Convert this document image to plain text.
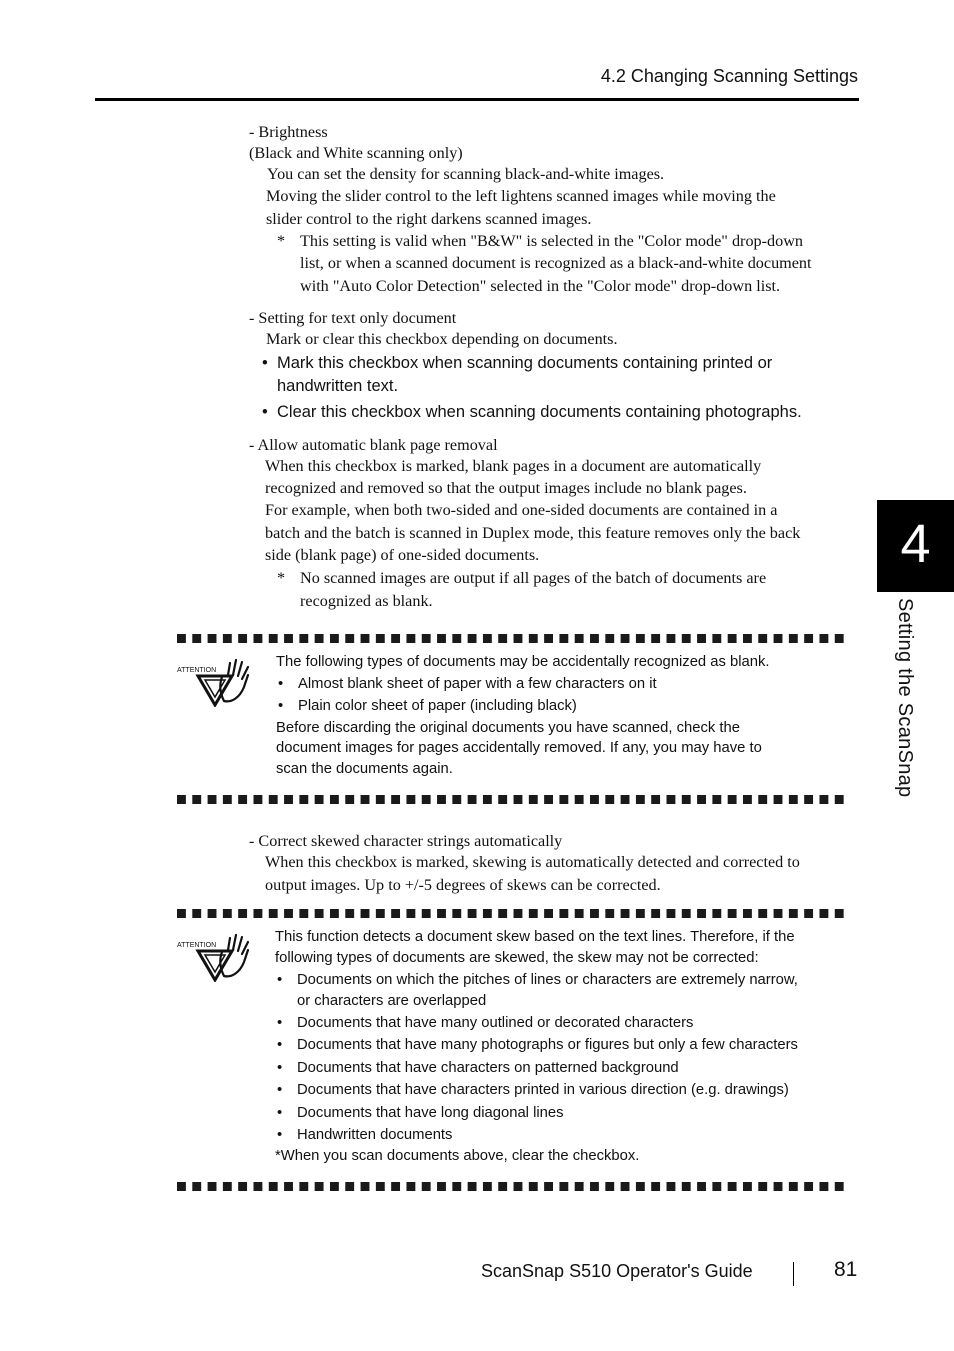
4.2 Changing Scanning Settings
4
Setting the ScanSnap
- Brightness
(Black and White scanning only)
You can set the density for scanning black-and-white images.
Moving the slider control to the left lightens scanned images while moving the
slider control to the right darkens scanned images.
* This setting is valid when "B&W" is selected in the "Color mode" drop-down
list, or when a scanned document is recognized as a black-and-white document
with "Auto Color Detection" selected in the "Color mode" drop-down list.
- Setting for text only document
Mark or clear this checkbox depending on documents.
• Mark this checkbox when scanning documents containing printed or
handwritten text.
• Clear this checkbox when scanning documents containing photographs.
- Allow automatic blank page removal
When this checkbox is marked, blank pages in a document are automatically
recognized and removed so that the output images include no blank pages.
For example, when both two-sided and one-sided documents are contained in a
batch and the batch is scanned in Duplex mode, this feature removes only the back
side (blank page) of one-sided documents.
* No scanned images are output if all pages of the batch of documents are
recognized as blank.
ATTENTION
The following types of documents may be accidentally recognized as blank.
• Almost blank sheet of paper with a few characters on it
• Plain color sheet of paper (including black)
Before discarding the original documents you have scanned, check the
document images for pages accidentally removed. If any, you may have to
scan the documents again.
- Correct skewed character strings automatically
When this checkbox is marked, skewing is automatically detected and corrected to
output images. Up to +/-5 degrees of skews can be corrected.
ATTENTION
This function detects a document skew based on the text lines. Therefore, if the
following types of documents are skewed, the skew may not be corrected:
• Documents on which the pitches of lines or characters are extremely narrow,
or characters are overlapped
• Documents that have many outlined or decorated characters
• Documents that have many photographs or figures but only a few characters
• Documents that have characters on patterned background
• Documents that have characters printed in various direction (e.g. drawings)
• Documents that have long diagonal lines
• Handwritten documents
*When you scan documents above, clear the checkbox.
ScanSnap S510 Operator's Guide	81
